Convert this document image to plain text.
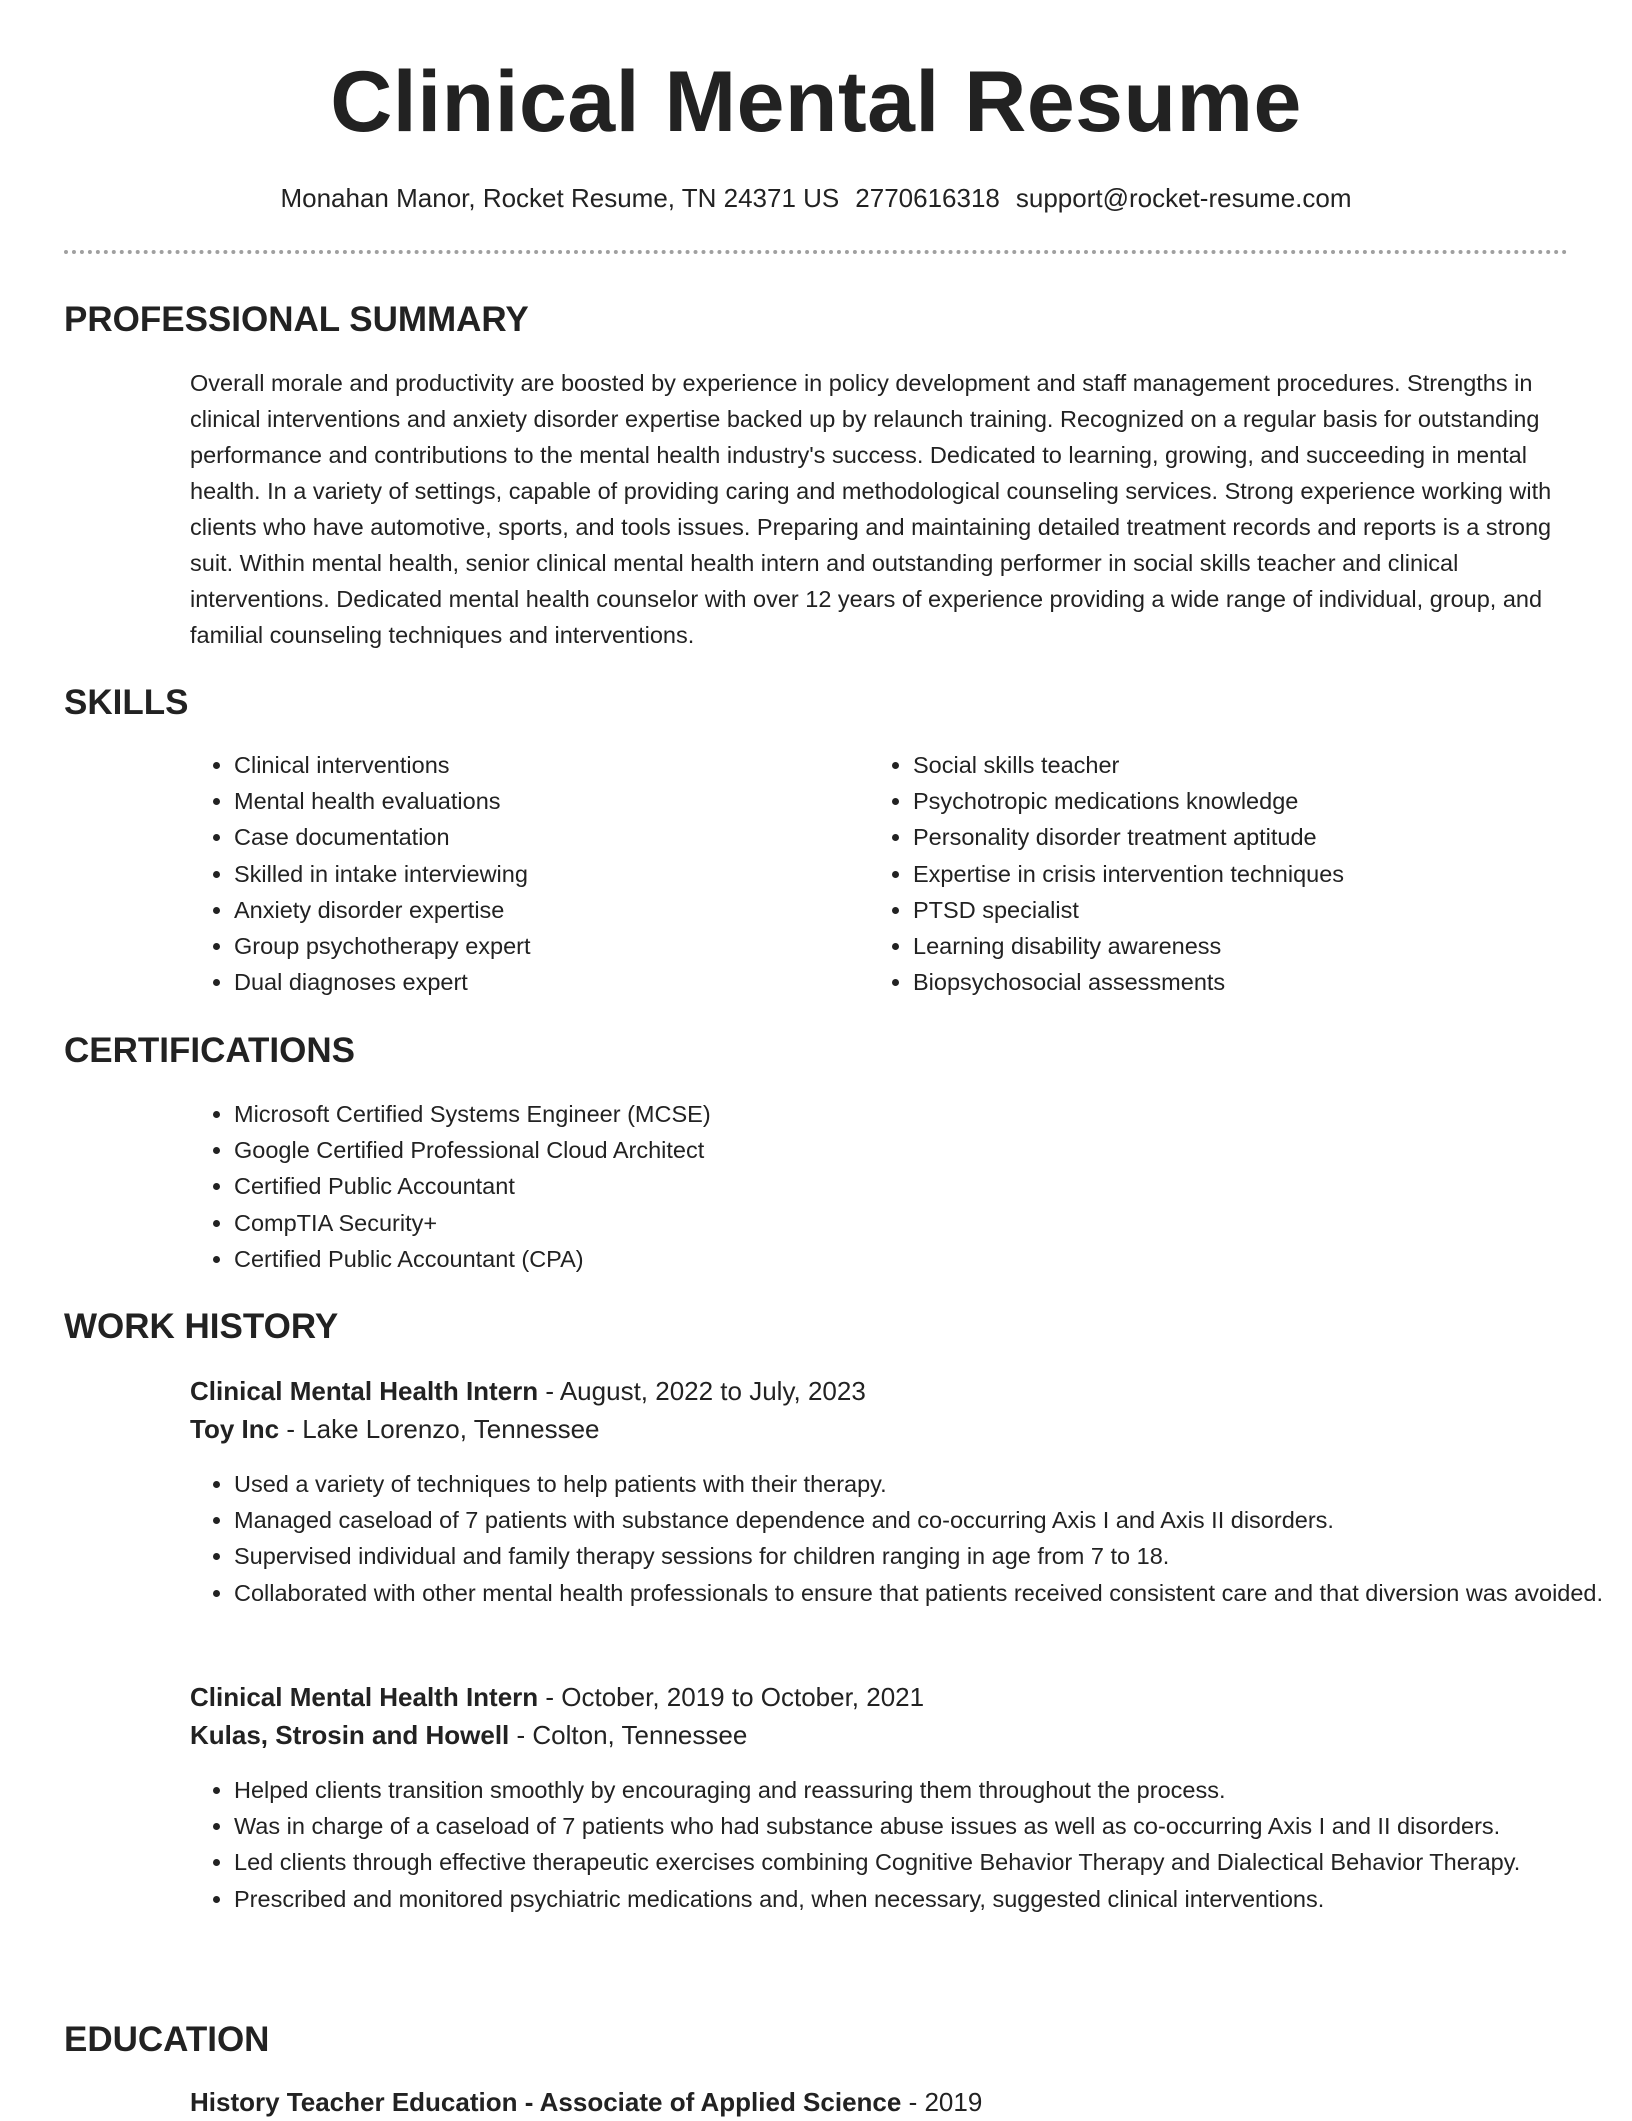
Clinical Mental Resume
Monahan Manor, Rocket Resume, TN 24371 US 2770616318 support@rocket-resume.com
PROFESSIONAL SUMMARY
Overall morale and productivity are boosted by experience in policy development and staff management procedures. Strengths in clinical interventions and anxiety disorder expertise backed up by relaunch training. Recognized on a regular basis for outstanding performance and contributions to the mental health industry's success. Dedicated to learning, growing, and succeeding in mental health. In a variety of settings, capable of providing caring and methodological counseling services. Strong experience working with clients who have automotive, sports, and tools issues. Preparing and maintaining detailed treatment records and reports is a strong suit. Within mental health, senior clinical mental health intern and outstanding performer in social skills teacher and clinical interventions. Dedicated mental health counselor with over 12 years of experience providing a wide range of individual, group, and familial counseling techniques and interventions.
SKILLS
• Clinical interventions
• Mental health evaluations
• Case documentation
• Skilled in intake interviewing
• Anxiety disorder expertise
• Group psychotherapy expert
• Dual diagnoses expert
• Social skills teacher
• Psychotropic medications knowledge
• Personality disorder treatment aptitude
• Expertise in crisis intervention techniques
• PTSD specialist
• Learning disability awareness
• Biopsychosocial assessments
CERTIFICATIONS
• Microsoft Certified Systems Engineer (MCSE)
• Google Certified Professional Cloud Architect
• Certified Public Accountant
• CompTIA Security+
• Certified Public Accountant (CPA)
WORK HISTORY
Clinical Mental Health Intern - August, 2022 to July, 2023
Toy Inc - Lake Lorenzo, Tennessee
• Used a variety of techniques to help patients with their therapy.
• Managed caseload of 7 patients with substance dependence and co-occurring Axis I and Axis II disorders.
• Supervised individual and family therapy sessions for children ranging in age from 7 to 18.
• Collaborated with other mental health professionals to ensure that patients received consistent care and that diversion was avoided.
Clinical Mental Health Intern - October, 2019 to October, 2021
Kulas, Strosin and Howell - Colton, Tennessee
• Helped clients transition smoothly by encouraging and reassuring them throughout the process.
• Was in charge of a caseload of 7 patients who had substance abuse issues as well as co-occurring Axis I and II disorders.
• Led clients through effective therapeutic exercises combining Cognitive Behavior Therapy and Dialectical Behavior Therapy.
• Prescribed and monitored psychiatric medications and, when necessary, suggested clinical interventions.
EDUCATION
History Teacher Education - Associate of Applied Science - 2019
